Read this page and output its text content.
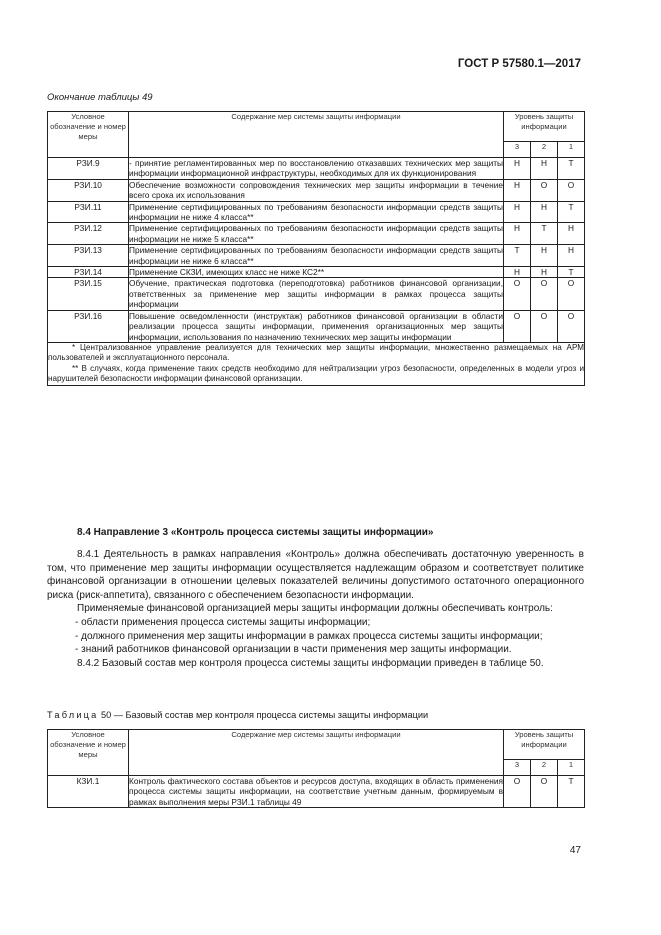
ГОСТ Р 57580.1—2017
Окончание таблицы 49
Условное обозначение и номер меры	Содержание мер системы защиты информации	Уровень защиты информации		
		3	2	1
РЗИ.9	- принятие регламентированных мер по восстановлению отказавших технических мер защиты информации информационной инфраструктуры, необходимых для их функционирования	Н	Н	Т
РЗИ.10	Обеспечение возможности сопровождения технических мер защиты информации в течение всего срока их использования	Н	О	О
РЗИ.11	Применение сертифицированных по требованиям безопасности информации средств защиты информации не ниже 4 класса**	Н	Н	Т
РЗИ.12	Применение сертифицированных по требованиям безопасности информации средств защиты информации не ниже 5 класса**	Н	Т	Н
РЗИ.13	Применение сертифицированных по требованиям безопасности информации средств защиты информации не ниже 6 класса**	Т	Н	Н
РЗИ.14	Применение СКЗИ, имеющих класс не ниже КС2**	Н	Н	Т
РЗИ.15	Обучение, практическая подготовка (переподготовка) работников финансовой организации, ответственных за применение мер защиты информации в рамках процесса защиты информации	О	О	О
РЗИ.16	Повышение осведомленности (инструктаж) работников финансовой организации в области реализации процесса защиты информации, применения организационных мер защиты информации, использования по назначению технических мер защиты информации	О	О	О

* Централизованное управление реализуется для технических мер защиты информации, множественно размещаемых на АРМ пользователей и эксплуатационного персонала.

** В случаях, когда применение таких средств необходимо для нейтрализации угроз безопасности, определенных в модели угроз и нарушителей безопасности информации финансовой организации.				

8.4 Направление 3 «Контроль процесса системы защиты информации»

8.4.1 Деятельность в рамках направления «Контроль» должна обеспечивать достаточную уверенность в том, что применение мер защиты информации осуществляется надлежащим образом и соответствует политике финансовой организации в отношении целевых показателей величины допустимого остаточного операционного риска (риск-аппетита), связанного с обеспечением безопасности информации.

Применяемые финансовой организацией меры защиты информации должны обеспечивать контроль:

- области применения процесса системы защиты информации;

- должного применения мер защиты информации в рамках процесса системы защиты информации;

- знаний работников финансовой организации в части применения мер защиты информации.

8.4.2 Базовый состав мер контроля процесса системы защиты информации приведен в таблице 50.

Таблица 50 — Базовый состав мер контроля процесса системы защиты информации
Условное обозначение и номер меры	Содержание мер системы защиты информации	Уровень защиты информации		
		3	2	1
КЗИ.1	Контроль фактического состава объектов и ресурсов доступа, входящих в область применения процесса системы защиты информации, на соответствие учетным данным, формируемым в рамках выполнения меры РЗИ.1 таблицы 49	О	О	Т
47
